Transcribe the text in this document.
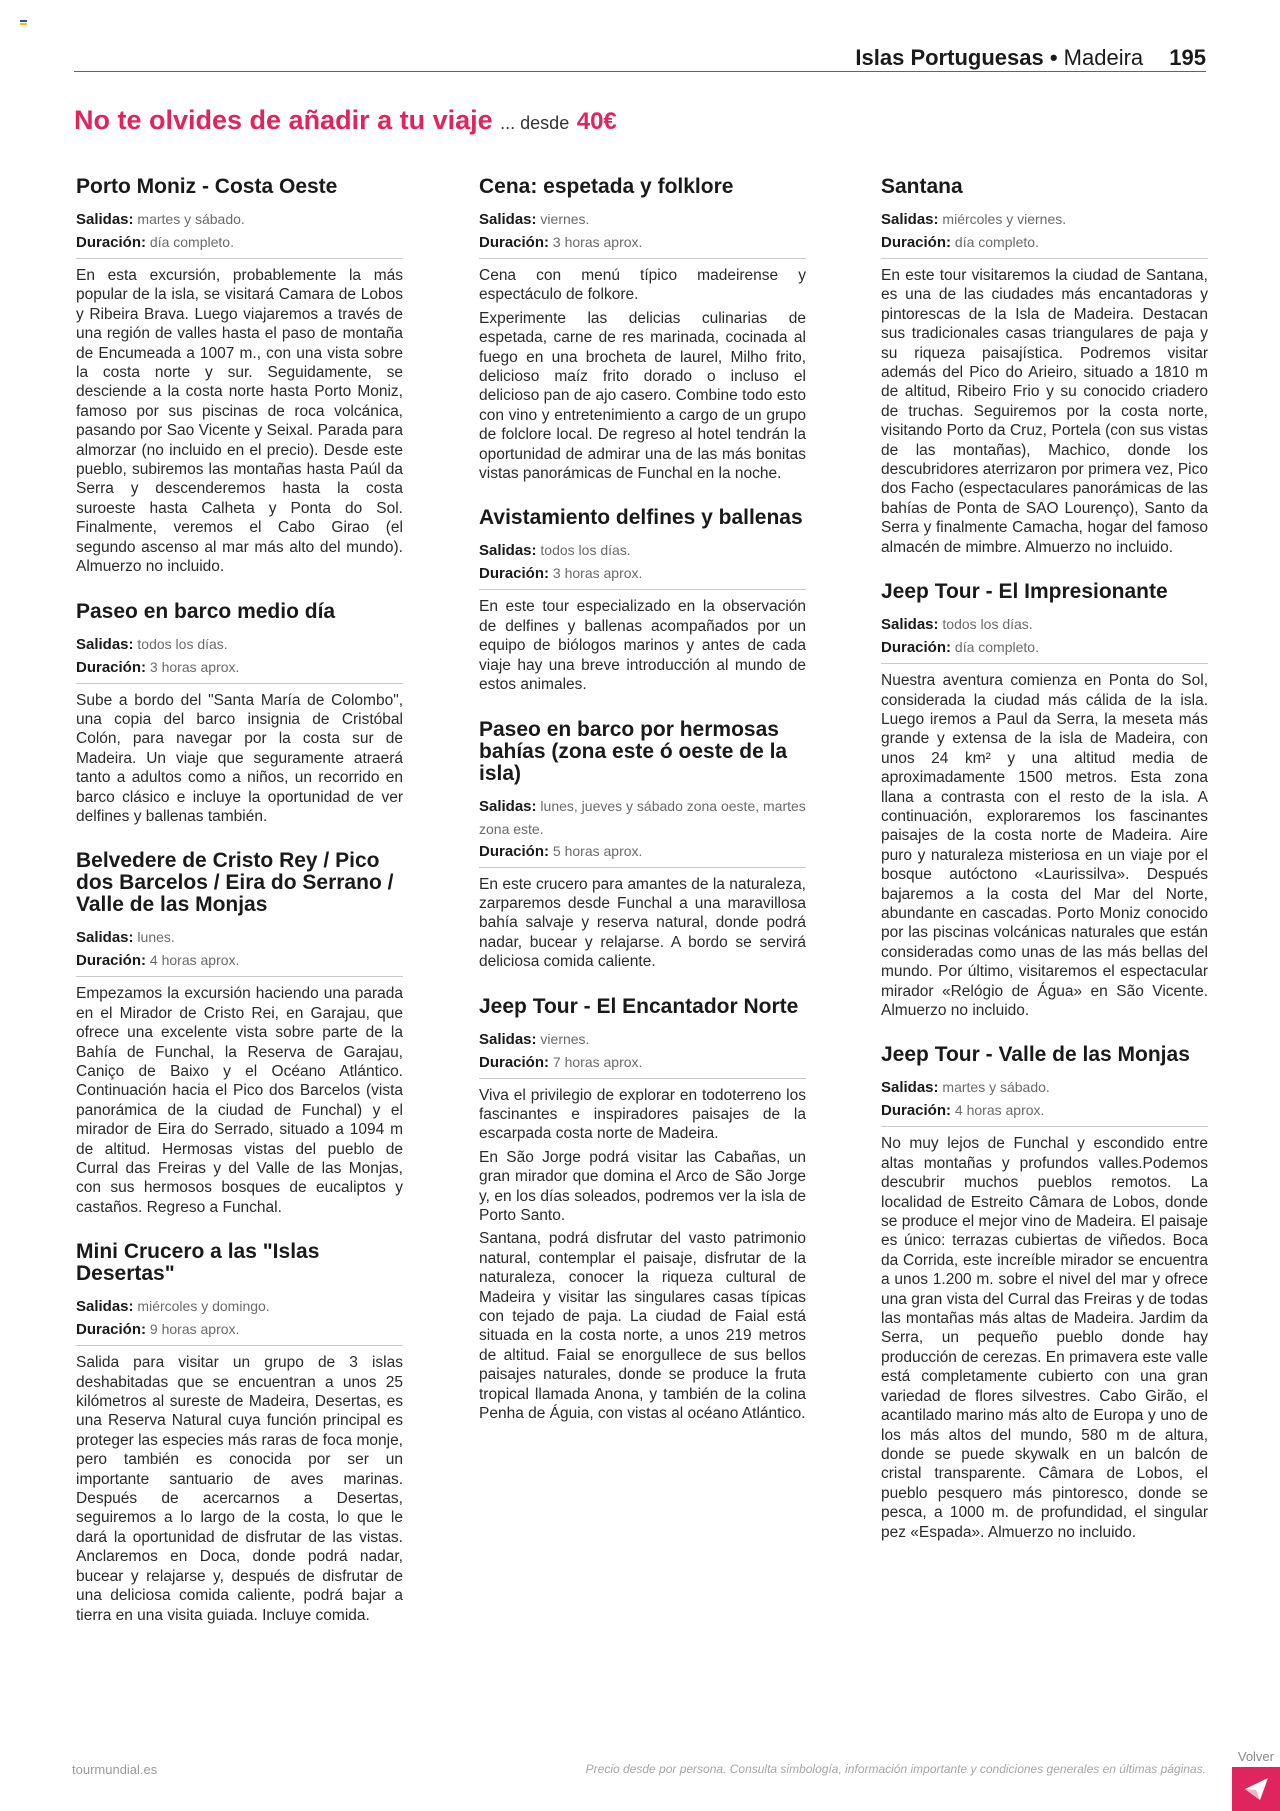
Islas Portuguesas • Madeira 195
No te olvides de añadir a tu viaje ... desde 40€
Porto Moniz - Costa Oeste
Salidas: martes y sábado.
Duración: día completo.

En esta excursión, probablemente la más popular de la isla, se visitará Camara de Lobos y Ribeira Brava. Luego viajaremos a través de una región de valles hasta el paso de montaña de Encumeada a 1007 m., con una vista sobre la costa norte y sur. Seguidamente, se desciende a la costa norte hasta Porto Moniz, famoso por sus piscinas de roca volcánica, pasando por Sao Vicente y Seixal. Parada para almorzar (no incluido en el precio). Desde este pueblo, subiremos las montañas hasta Paúl da Serra y descenderemos hasta la costa suroeste hasta Calheta y Ponta do Sol. Finalmente, veremos el Cabo Girao (el segundo ascenso al mar más alto del mundo). Almuerzo no incluido.

Paseo en barco medio día
Salidas: todos los días.
Duración: 3 horas aprox.

Sube a bordo del "Santa María de Colombo", una copia del barco insignia de Cristóbal Colón, para navegar por la costa sur de Madeira. Un viaje que seguramente atraerá tanto a adultos como a niños, un recorrido en barco clásico e incluye la oportunidad de ver delfines y ballenas también.

Belvedere de Cristo Rey / Pico dos Barcelos / Eira do Serrano / Valle de las Monjas
Salidas: lunes.
Duración: 4 horas aprox.

Empezamos la excursión haciendo una parada en el Mirador de Cristo Rei, en Garajau, que ofrece una excelente vista sobre parte de la Bahía de Funchal, la Reserva de Garajau, Caniço de Baixo y el Océano Atlántico. Continuación hacia el Pico dos Barcelos (vista panorámica de la ciudad de Funchal) y el mirador de Eira do Serrado, situado a 1094 m de altitud. Hermosas vistas del pueblo de Curral das Freiras y del Valle de las Monjas, con sus hermosos bosques de eucaliptos y castaños. Regreso a Funchal.

Mini Crucero a las "Islas Desertas"
Salidas: miércoles y domingo.
Duración: 9 horas aprox.

Salida para visitar un grupo de 3 islas deshabitadas que se encuentran a unos 25 kilómetros al sureste de Madeira, Desertas, es una Reserva Natural cuya función principal es proteger las especies más raras de foca monje, pero también es conocida por ser un importante santuario de aves marinas. Después de acercarnos a Desertas, seguiremos a lo largo de la costa, lo que le dará la oportunidad de disfrutar de las vistas. Anclaremos en Doca, donde podrá nadar, bucear y relajarse y, después de disfrutar de una deliciosa comida caliente, podrá bajar a tierra en una visita guiada. Incluye comida.

Cena: espetada y folklore
Salidas: viernes.
Duración: 3 horas aprox.

Cena con menú típico madeirense y espectáculo de folkore.

Experimente las delicias culinarias de espetada, carne de res marinada, cocinada al fuego en una brocheta de laurel, Milho frito, delicioso maíz frito dorado o incluso el delicioso pan de ajo casero. Combine todo esto con vino y entretenimiento a cargo de un grupo de folclore local. De regreso al hotel tendrán la oportunidad de admirar una de las más bonitas vistas panorámicas de Funchal en la noche.

Avistamiento delfines y ballenas
Salidas: todos los días.
Duración: 3 horas aprox.

En este tour especializado en la observación de delfines y ballenas acompañados por un equipo de biólogos marinos y antes de cada viaje hay una breve introducción al mundo de estos animales.

Paseo en barco por hermosas bahías (zona este ó oeste de la isla)
Salidas: lunes, jueves y sábado zona oeste, martes zona este.
Duración: 5 horas aprox.

En este crucero para amantes de la naturaleza, zarparemos desde Funchal a una maravillosa bahía salvaje y reserva natural, donde podrá nadar, bucear y relajarse. A bordo se servirá deliciosa comida caliente.

Jeep Tour - El Encantador Norte
Salidas: viernes.
Duración: 7 horas aprox.

Viva el privilegio de explorar en todoterreno los fascinantes e inspiradores paisajes de la escarpada costa norte de Madeira.

En São Jorge podrá visitar las Cabañas, un gran mirador que domina el Arco de São Jorge y, en los días soleados, podremos ver la isla de Porto Santo.

Santana, podrá disfrutar del vasto patrimonio natural, contemplar el paisaje, disfrutar de la naturaleza, conocer la riqueza cultural de Madeira y visitar las singulares casas típicas con tejado de paja. La ciudad de Faial está situada en la costa norte, a unos 219 metros de altitud. Faial se enorgullece de sus bellos paisajes naturales, donde se produce la fruta tropical llamada Anona, y también de la colina Penha de Águia, con vistas al océano Atlántico.

Santana
Salidas: miércoles y viernes.
Duración: día completo.

En este tour visitaremos la ciudad de Santana, es una de las ciudades más encantadoras y pintorescas de la Isla de Madeira. Destacan sus tradicionales casas triangulares de paja y su riqueza paisajística. Podremos visitar además del Pico do Arieiro, situado a 1810 m de altitud, Ribeiro Frio y su conocido criadero de truchas. Seguiremos por la costa norte, visitando Porto da Cruz, Portela (con sus vistas de las montañas), Machico, donde los descubridores aterrizaron por primera vez, Pico dos Facho (espectaculares panorámicas de las bahías de Ponta de SAO Lourenço), Santo da Serra y finalmente Camacha, hogar del famoso almacén de mimbre. Almuerzo no incluido.

Jeep Tour - El Impresionante
Salidas: todos los días.
Duración: día completo.

Nuestra aventura comienza en Ponta do Sol, considerada la ciudad más cálida de la isla. Luego iremos a Paul da Serra, la meseta más grande y extensa de la isla de Madeira, con unos 24 km² y una altitud media de aproximadamente 1500 metros. Esta zona llana a contrasta con el resto de la isla. A continuación, exploraremos los fascinantes paisajes de la costa norte de Madeira. Aire puro y naturaleza misteriosa en un viaje por el bosque autóctono «Laurissilva». Después bajaremos a la costa del Mar del Norte, abundante en cascadas. Porto Moniz conocido por las piscinas volcánicas naturales que están consideradas como unas de las más bellas del mundo. Por último, visitaremos el espectacular mirador «Relógio de Água» en São Vicente. Almuerzo no incluido.

Jeep Tour - Valle de las Monjas
Salidas: martes y sábado.
Duración: 4 horas aprox.

No muy lejos de Funchal y escondido entre altas montañas y profundos valles.Podemos descubrir muchos pueblos remotos. La localidad de Estreito Câmara de Lobos, donde se produce el mejor vino de Madeira. El paisaje es único: terrazas cubiertas de viñedos. Boca da Corrida, este increíble mirador se encuentra a unos 1.200 m. sobre el nivel del mar y ofrece una gran vista del Curral das Freiras y de todas las montañas más altas de Madeira. Jardim da Serra, un pequeño pueblo donde hay producción de cerezas. En primavera este valle está completamente cubierto con una gran variedad de flores silvestres. Cabo Girão, el acantilado marino más alto de Europa y uno de los más altos del mundo, 580 m de altura, donde se puede skywalk en un balcón de cristal transparente. Câmara de Lobos, el pueblo pesquero más pintoresco, donde se pesca, a 1000 m. de profundidad, el singular pez «Espada». Almuerzo no incluido.

tourmundial.es	Precio desde por persona. Consulta simbología, información importante y condiciones generales en últimas páginas.
Volver
